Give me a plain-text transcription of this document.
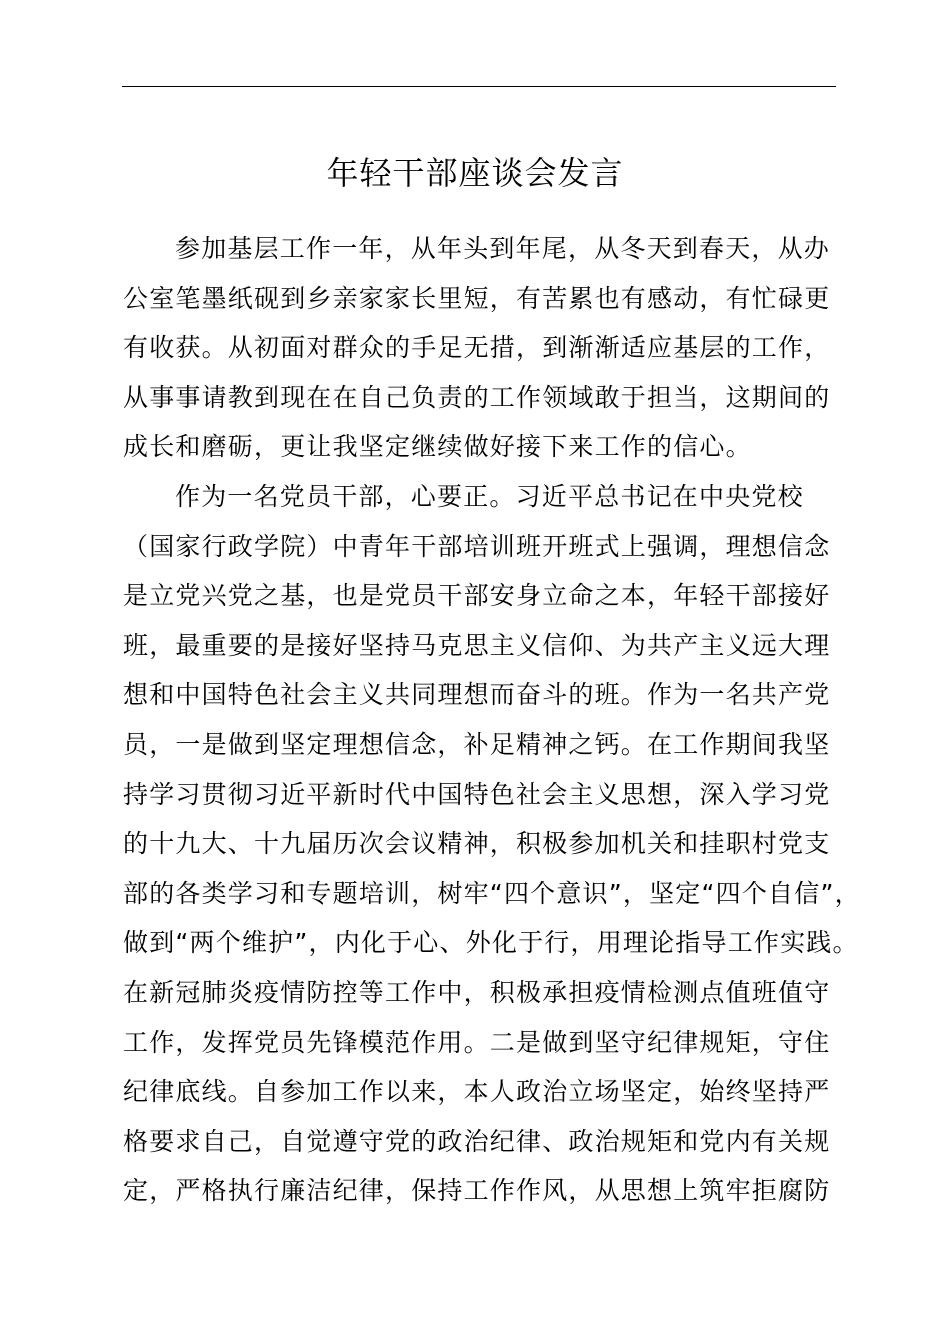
年轻干部座谈会发言
参加基层工作一年，从年头到年尾，从冬天到春天，从办
公室笔墨纸砚到乡亲家家长里短，有苦累也有感动，有忙碌更
有收获。从初面对群众的手足无措，到渐渐适应基层的工作，
从事事请教到现在在自己负责的工作领域敢于担当，这期间的
成长和磨砺，更让我坚定继续做好接下来工作的信心。
作为一名党员干部，心要正。习近平总书记在中央党校
（国家行政学院）中青年干部培训班开班式上强调，理想信念
是立党兴党之基，也是党员干部安身立命之本，年轻干部接好
班，最重要的是接好坚持马克思主义信仰、为共产主义远大理
想和中国特色社会主义共同理想而奋斗的班。作为一名共产党
员，一是做到坚定理想信念，补足精神之钙。在工作期间我坚
持学习贯彻习近平新时代中国特色社会主义思想，深入学习党
的十九大、十九届历次会议精神，积极参加机关和挂职村党支
部的各类学习和专题培训，树牢“四个意识”，坚定“四个自信”，
做到“两个维护”，内化于心、外化于行，用理论指导工作实践。
在新冠肺炎疫情防控等工作中，积极承担疫情检测点值班值守
工作，发挥党员先锋模范作用。二是做到坚守纪律规矩，守住
纪律底线。自参加工作以来，本人政治立场坚定，始终坚持严
格要求自己，自觉遵守党的政治纪律、政治规矩和党内有关规
定，严格执行廉洁纪律，保持工作作风，从思想上筑牢拒腐防
